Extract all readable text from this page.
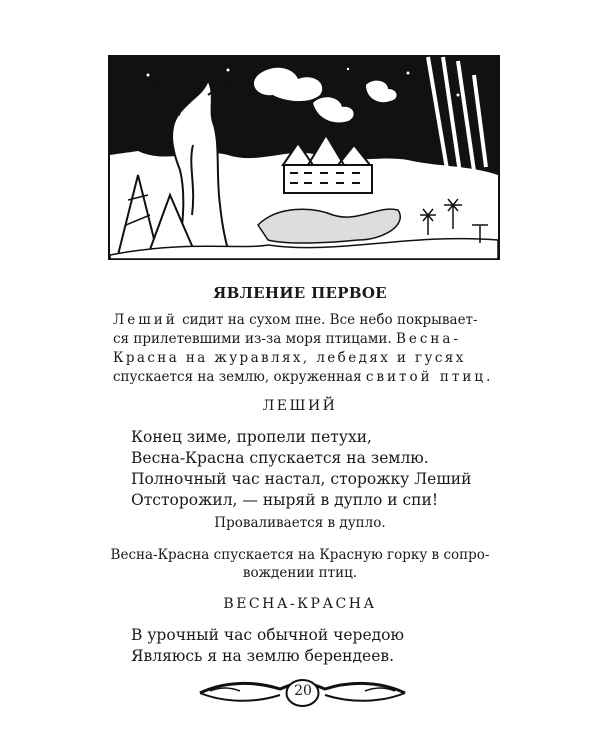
ЯВЛЕНИЕ ПЕРВОЕ
Леший сидит на сухом пне. Все небо покрывает-
ся прилетевшими из-за моря птицами. Весна-
Красна на журавлях, лебедях и гусях
спускается на землю, окруженная свитой птиц.
ЛЕШИЙ
Конец зиме, пропели петухи,
Весна-Красна спускается на землю.
Полночный час настал, сторожку Леший
Отсторожил, — ныряй в дупло и спи!
Проваливается в дупло.
Весна-Красна спускается на Красную горку в сопро-
вождении птиц.
ВЕСНА-КРАСНА
В урочный час обычной чередою
Являюсь я на землю берендеев.
20
